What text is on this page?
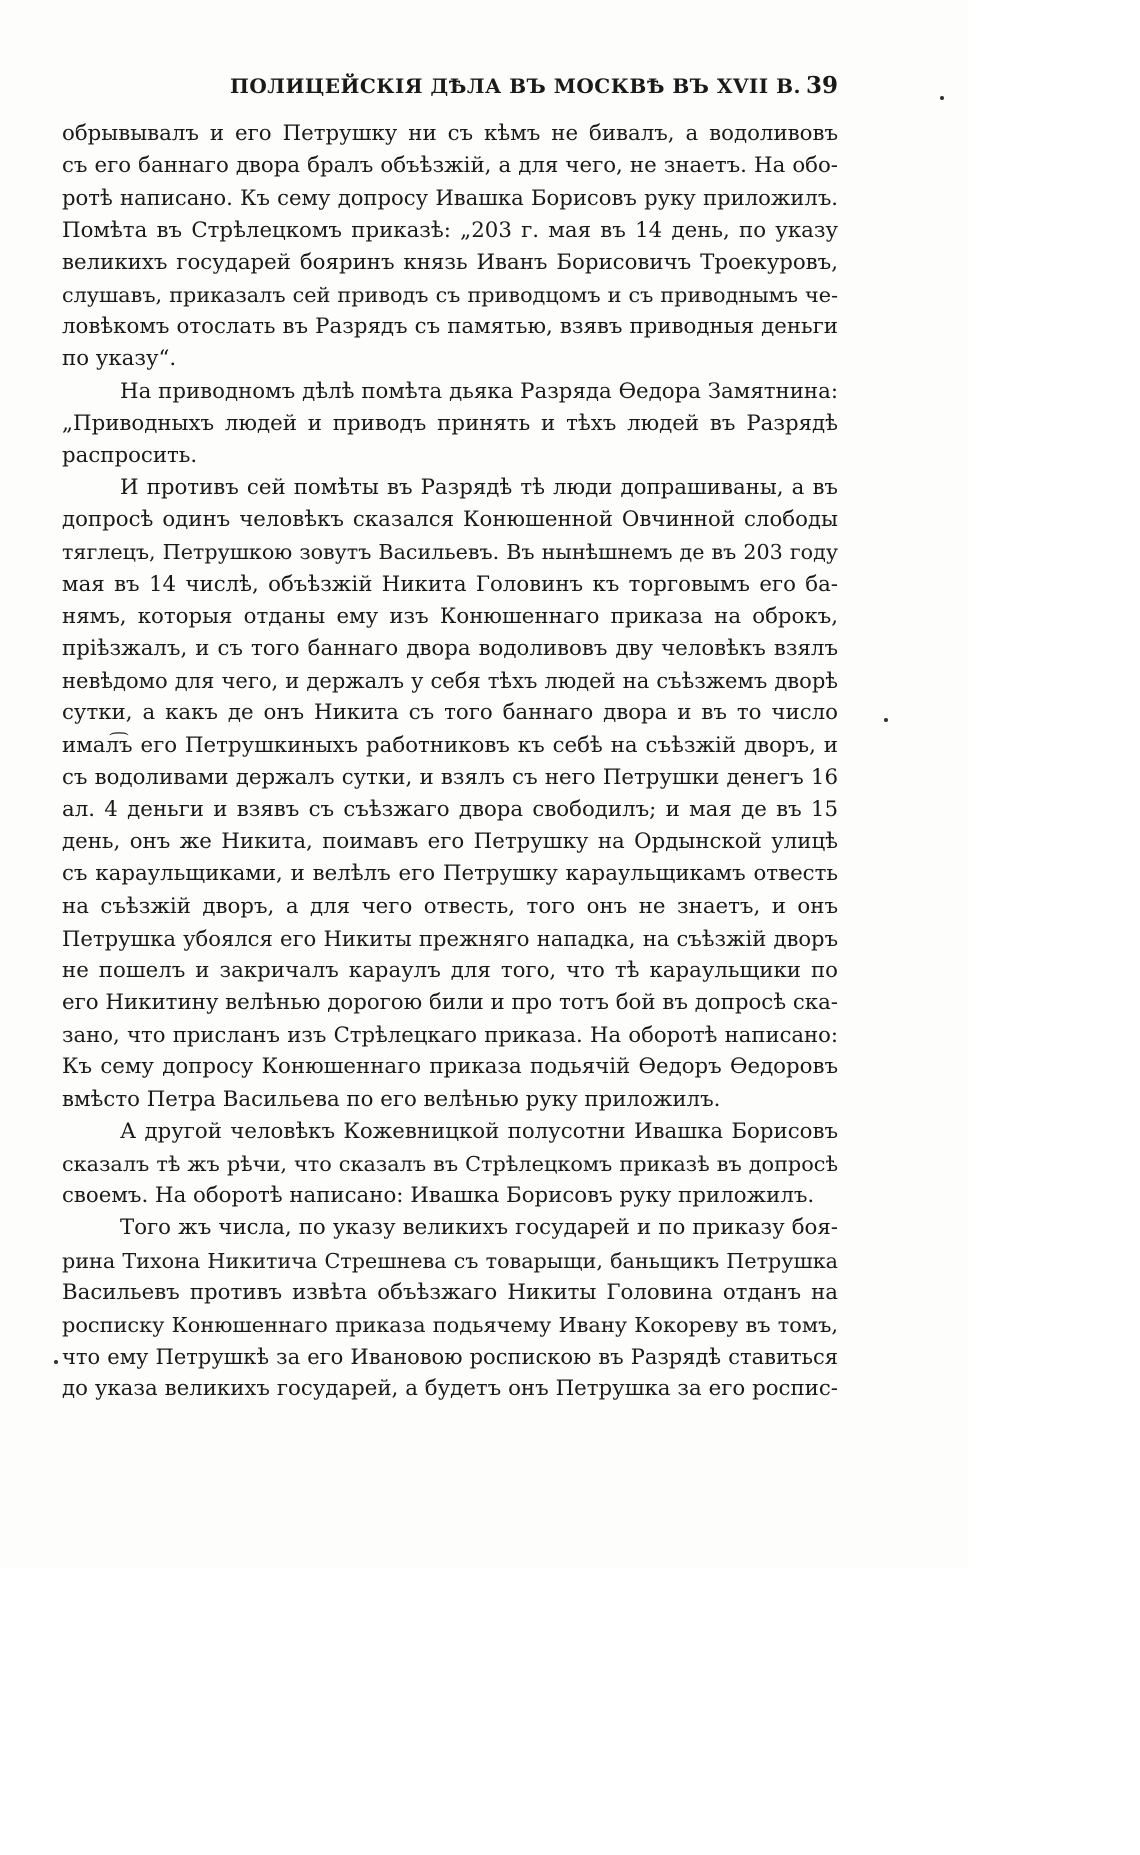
ПОЛИЦЕЙСКІЯ ДѢЛА ВЪ МОСКВѢ ВЪ XVII В. 39
обрывывалъ и его Петрушку ни съ кѣмъ не бивалъ, а водоливовъ
съ его баннаго двора бралъ объѣзжій, а для чего, не знаетъ. На обо-
ротѣ написано. Къ сему допросу Ивашка Борисовъ руку приложилъ.
Помѣта въ Стрѣлецкомъ приказѣ: „203 г. мая въ 14 день, по указу
великихъ государей бояринъ князь Иванъ Борисовичъ Троекуровъ,
слушавъ, приказалъ сей приводъ съ приводцомъ и съ приводнымъ че-
ловѣкомъ отослать въ Разрядъ съ памятью, взявъ приводныя деньги
по указу“.
На приводномъ дѣлѣ помѣта дьяка Разряда Ѳедора Замятнина:
„Приводныхъ людей и приводъ принять и тѣхъ людей въ Разрядѣ
распросить.
И противъ сей помѣты въ Разрядѣ тѣ люди допрашиваны, а въ
допросѣ одинъ человѣкъ сказался Конюшенной Овчинной слободы
тяглецъ, Петрушкою зовутъ Васильевъ. Въ нынѣшнемъ де въ 203 году
мая въ 14 числѣ, объѣзжій Никита Головинъ къ торговымъ его ба-
нямъ, которыя отданы ему изъ Конюшеннаго приказа на оброкъ,
пріѣзжалъ, и съ того баннаго двора водоливовъ дву человѣкъ взялъ
невѣдомо для чего, и держалъ у себя тѣхъ людей на съѣзжемъ дворѣ
сутки, а какъ де онъ Никита съ того баннаго двора и въ то число
имал͡ъ его Петрушкиныхъ работниковъ къ себѣ на съѣзжій дворъ, и
съ водоливами держалъ сутки, и взялъ съ него Петрушки денегъ 16
ал. 4 деньги и взявъ съ съѣзжаго двора свободилъ; и мая де въ 15
день, онъ же Никита, поимавъ его Петрушку на Ордынской улицѣ
съ караульщиками, и велѣлъ его Петрушку караульщикамъ отвесть
на съѣзжій дворъ, а для чего отвесть, того онъ не знаетъ, и онъ
Петрушка убоялся его Никиты прежняго нападка, на съѣзжій дворъ
не пошелъ и закричалъ караулъ для того, что тѣ караульщики по
его Никитину велѣнью дорогою били и про тотъ бой въ допросѣ ска-
зано, что присланъ изъ Стрѣлецкаго приказа. На оборотѣ написано:
Къ сему допросу Конюшеннаго приказа подьячій Ѳедоръ Ѳедоровъ
вмѣсто Петра Васильева по его велѣнью руку приложилъ.
А другой человѣкъ Кожевницкой полусотни Ивашка Борисовъ
сказалъ тѣ жъ рѣчи, что сказалъ въ Стрѣлецкомъ приказѣ въ допросѣ
своемъ. На оборотѣ написано: Ивашка Борисовъ руку приложилъ.
Того жъ числа, по указу великихъ государей и по приказу боя-
рина Тихона Никитича Стрешнева съ товарыщи, баньщикъ Петрушка
Васильевъ противъ извѣта объѣзжаго Никиты Головина отданъ на
росписку Конюшеннаго приказа подьячему Ивану Кокореву въ томъ,
что ему Петрушкѣ за его Ивановою роспискою въ Разрядѣ ставиться
до указа великихъ государей, а будетъ онъ Петрушка за его роспис-
